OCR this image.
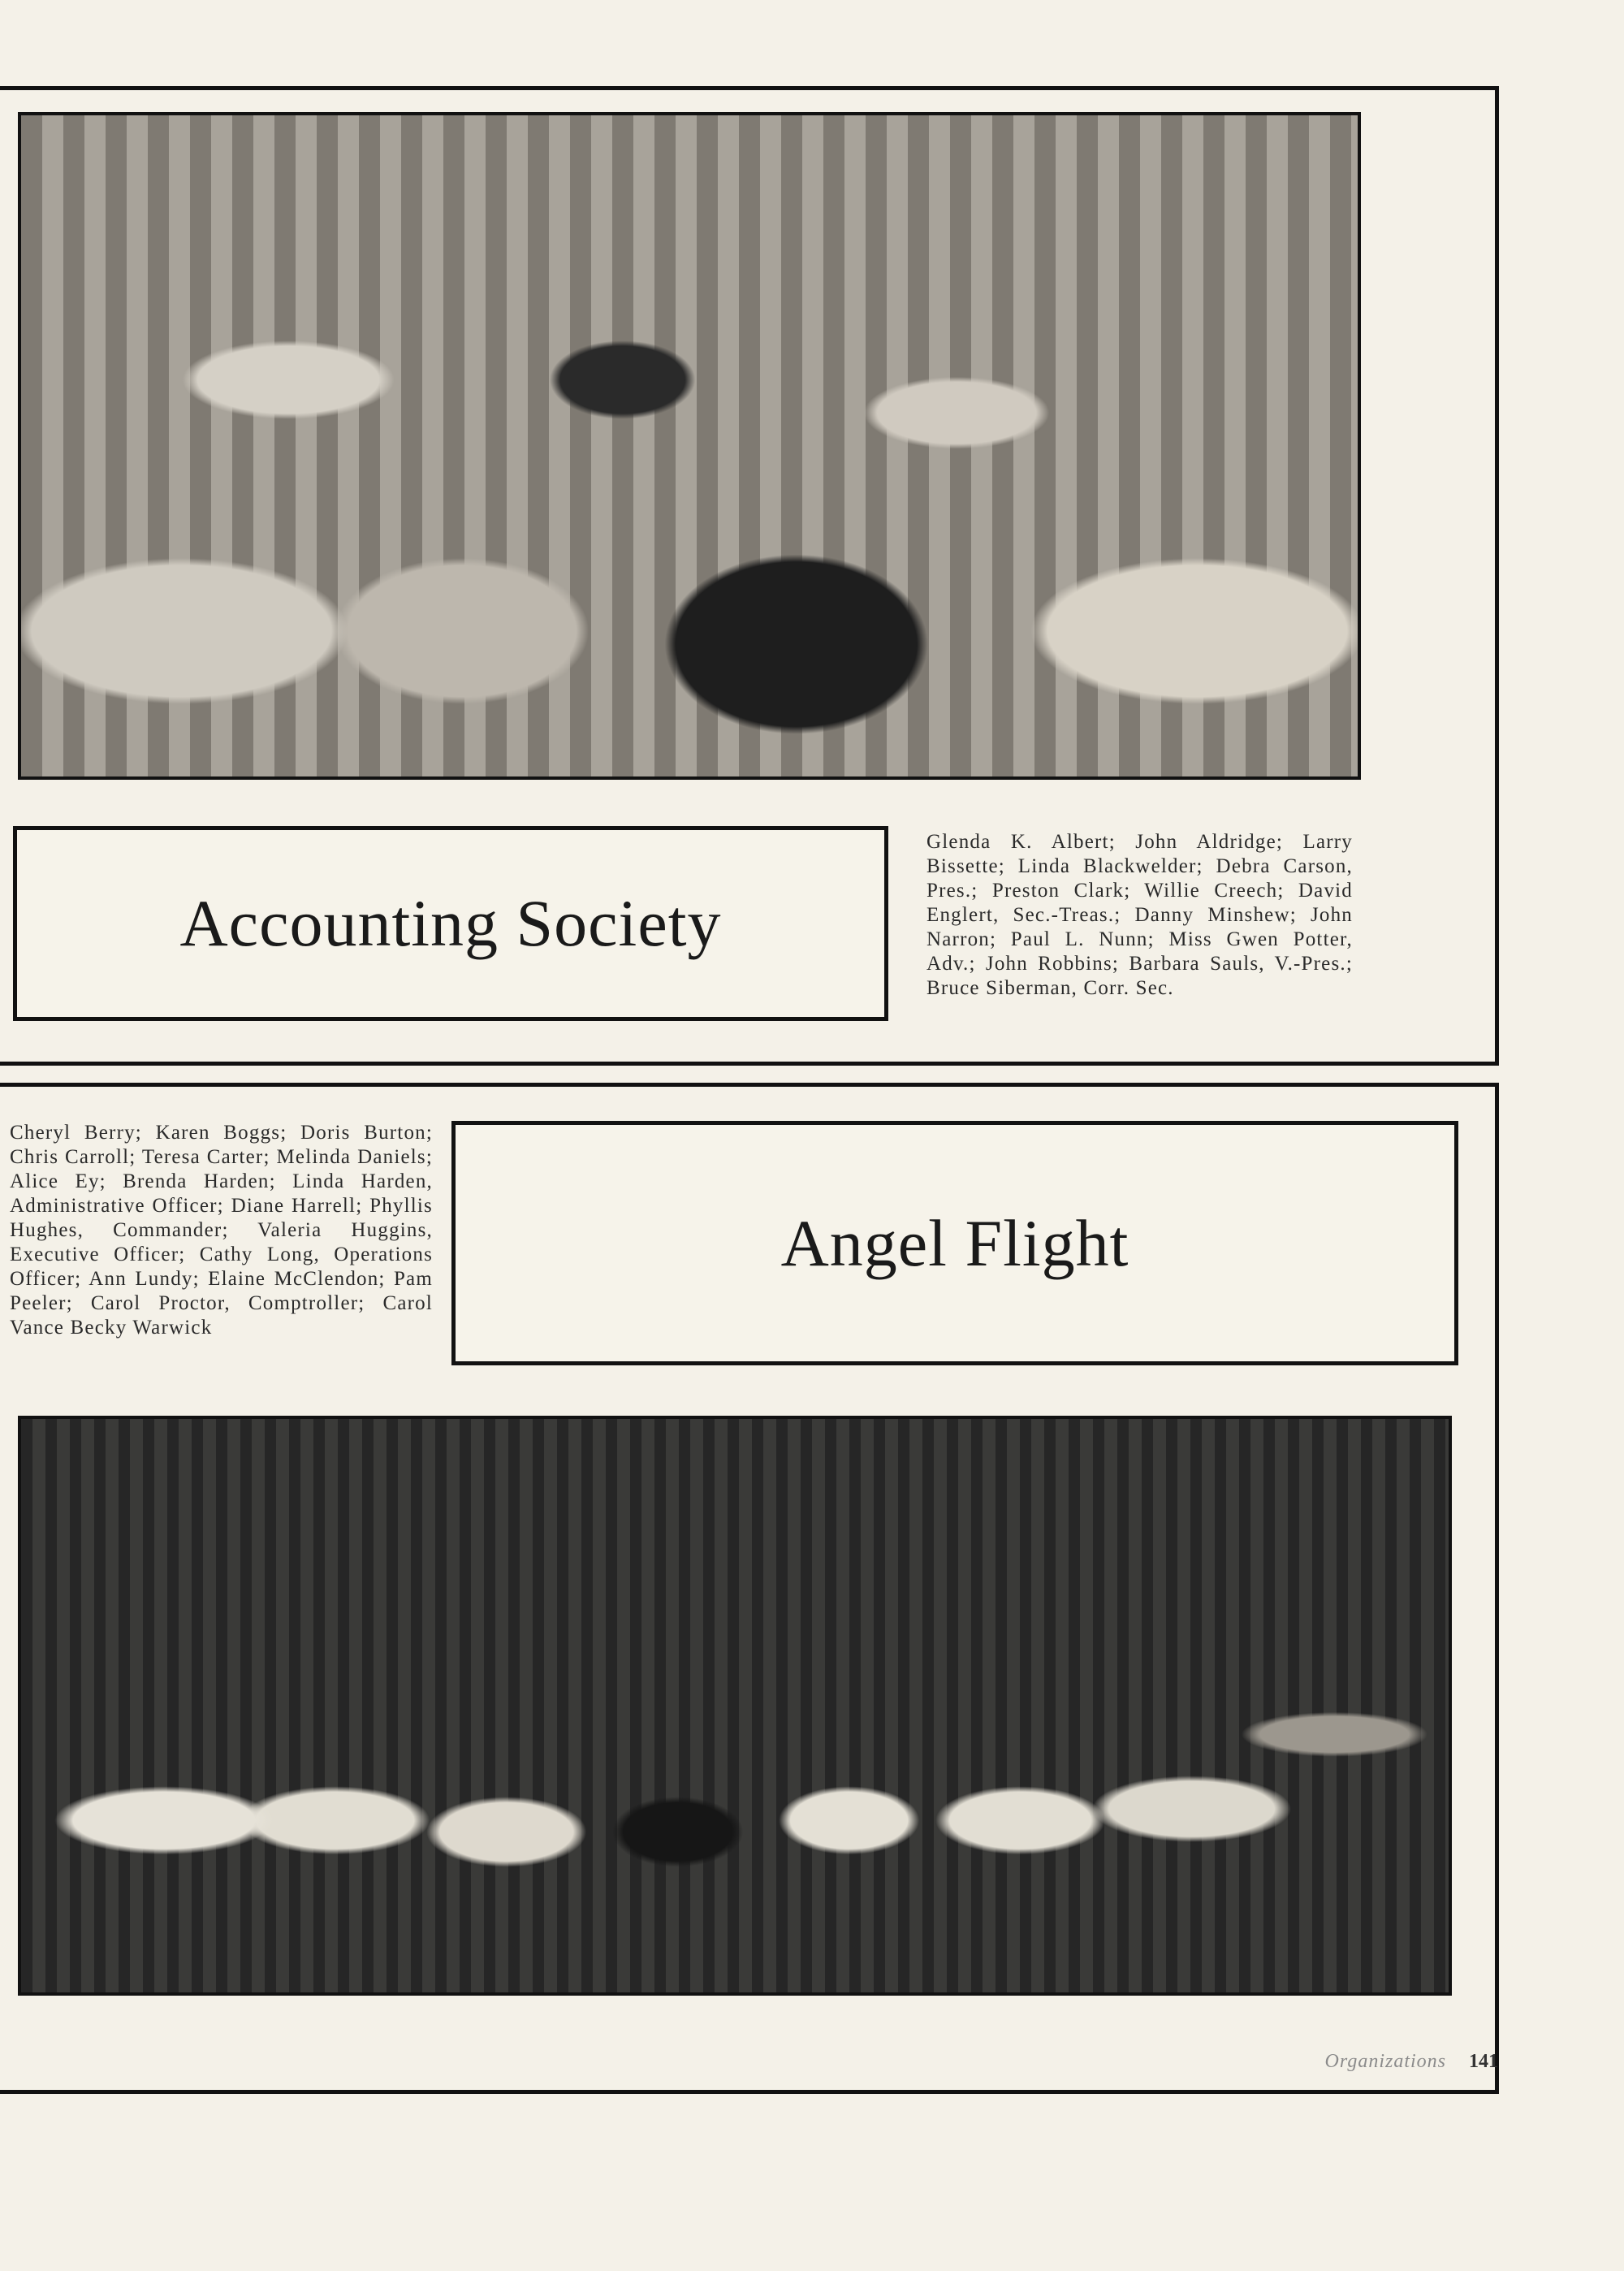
Accounting Society
Glenda K. Albert; John Aldridge; Larry Bissette; Linda Blackwelder; Debra Carson, Pres.; Preston Clark; Willie Creech; David Englert, Sec.-Treas.; Danny Minshew; John Narron; Paul L. Nunn; Miss Gwen Potter, Adv.; John Robbins; Barbara Sauls, V.-Pres.; Bruce Siberman, Corr. Sec.
Cheryl Berry; Karen Boggs; Doris Burton; Chris Carroll; Teresa Carter; Melinda Daniels; Alice Ey; Brenda Harden; Linda Harden, Administrative Officer; Diane Harrell; Phyllis Hughes, Commander; Valeria Huggins, Executive Officer; Cathy Long, Operations Officer; Ann Lundy; Elaine McClendon; Pam Peeler; Carol Proctor, Comptroller; Carol Vance Becky Warwick
Angel Flight
Organizations 141
